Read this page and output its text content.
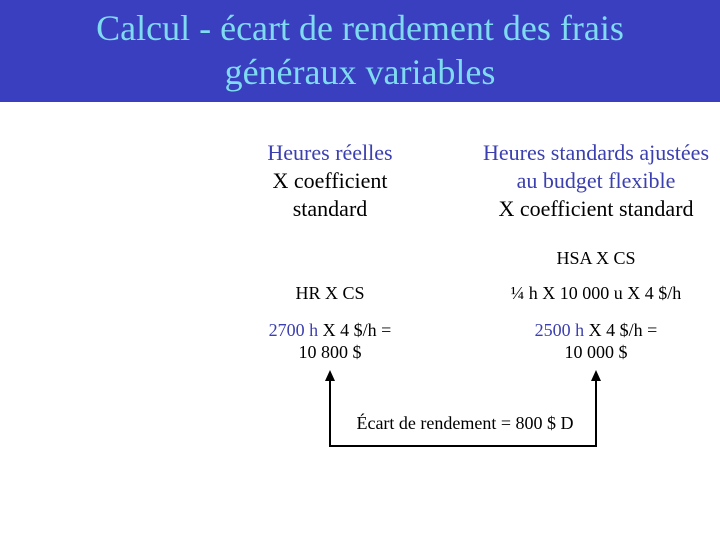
Calcul - écart de rendement des frais
généraux variables
Heures réelles
X coefficient
standard
Heures standards ajustées
au budget flexible
X coefficient standard
HSA X CS
HR X CS	¼ h X 10 000 u X 4 $/h
2700 h X 4 $/h =
10 800 $
2500 h X 4 $/h =
10 000 $
Écart de rendement = 800 $ D
